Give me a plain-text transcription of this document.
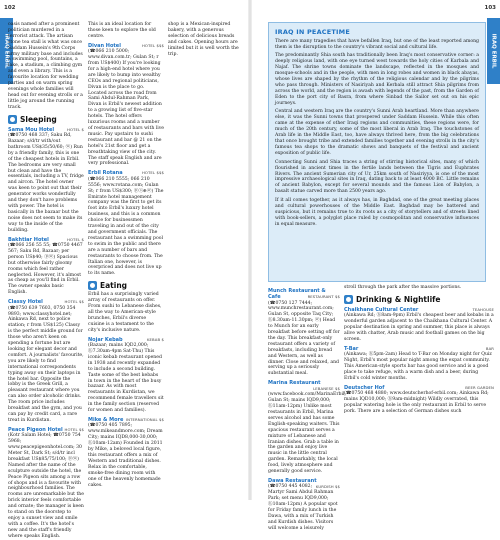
102
IRAQ ERBIL
oasis named after a prominent politician murdered in a terrorist attack. The artisan stone tea stall is what was once Saddam Hussein's 9th Corps army military base and includes a swimming pool, fountains, a lake, a stadium, a climbing gym and even a library. This is a favourite location for wedding parties and on warm spring evenings whole families will head out for evening strolls or a little jog around the running track.
Sleeping
Sama Mou Hotel	HOTEL $
(☎0750 468 337; Saku Rd, Bazaar; s/d/tr with/out bathroom US$35/50/60; ⓦ) Run by a friendly family, this is one of the cheapest hotels in Erbil. The bedrooms are very small but clean and have the essentials, including a TV, fridge and aircon. The hotel owner was keen to point out that their generator works wonderfully and they don't have problems with power. The hotel is basically in the bazaar but the noise does not seem to make its way to the inside of the building.
Bakhtiar Hotel	HOTEL $
(☎066 256 55 55; ☎0750 4467 567; Saku Rd, Bazaar; per person US$40; ⓟⓦ) Spacious but otherwise fairly gloomy rooms which feel rather neglected. However, it's almost as cheap as you'll find in Erbil. The owner speaks basic English.
Classy Hotel	HOTEL $$
(☎0750 639 7603, 0750 354 9893; www.classyhotel.net; Ainkawa Rd, next to police station; r from US$125) Classy is the perfect middle ground for those who aren't keen on spending a fortune but are looking for elegant decor and comfort. A journalists' favourite, you are likely to find international correspondents typing away on their laptops in the hotel bar. Opposite the lobby is the Greek Grill, a pleasant restaurant where you can also order alcoholic drinks. The room price includes breakfast and the gym, and you can pay by credit card, a rare treat in Kurdistan.
Peace Pigeon Hotel HOTEL $$
(Kotr Salam Hotel; ☎0750 754 5968; www.peacepigeonhotel.com; 30 Meter St, Dark St; s/d/tr incl breakfast US$85/75/100; ⓟⓦ) Named after the name of the sculpture outside the hotel, the Peace Pigeon sits among a row of shops and is a favourite with neighbourhood families. The rooms are unremarkable but the brick interior feels comfortable and ornate; the manager is keen to stand on the doorstep to enjoy a sunset view and smile with a coffee. It's the hotel's new and the staff's friendly where speaks English.
This is an ideal location for those keen to explore the old centre.
Divan Hotel	HOTEL $$$
(☎066 210 5000; www.divan.com.tr; Gulan St; r from US$400) If you're looking for a high-end hotel where you are likely to bump into wealthy CEOs and regional politicians, Divan is the place to go. Located across the road from Sami Abdul-Rahman Park, Divan is Erbil's newest addition to a growing list of five-star hotels. The hotel offers luxurious rooms and a number of restaurants and bars with live music. Pay upstairs to sushi restaurant and bar @ 21 on the hotel's 21st floor and get a breathtaking view of the city. The staff speak English and are very professional.
Erbil Rotana	HOTEL $$$
(☎066 210 5555; 066 210 5556; www.rotana.com; Gulan St; r from US$300; ⓟⓢ⊕ⓦ) The Emirate hotel management company was the first to get its foot into Erbil's luxury hotel business, and this is a common choice for businessmen traveling in and out of the city and government officials. The restaurant has a swimming pool to swim in the public and there are a number of bars and restaurants to choose from. The Italian one, however, is overpriced and does not live up to its name.
Eating
Erbil has a surprisingly varied array of restaurants on offer. From sushi to Lebanese dishes, all the way to American-style brunches, Erbil's diverse cuisine is a testament to the city's inclusive nature.
Nojar Kebab	KEBAB $
(Bazaar; mains IQD2,000; ⓗ7.30am-4pm Sat-Thu) This iconic kebab restaurant opened in 1938 and recently expanded to include a second building. Taste some of the best kebabs in town in the heart of the busy bazaar. As with most restaurants in Kurdistan, we recommend female travellers sit in the family section (reserved for women and families).
Mike & More INTERNATIONAL $$
(☎0750 405 7895; www.mikeandmore.com; Dream City; mains IQD8,000-30,000; ⓗ10am-12am) Founded in 2011 by Mike, a beloved local figure, this restaurant offers a mix of Western and traditional dishes. Relax in the comfortable, smoke-free dining room with one of the heavenly homemade cakes.
shop is a Mexican-inspired bakery, with a generous selection of delicious breads and cakes. Opening hours are limited but it is well worth the trip.
103
IRAQ ERBIL
IRAQ IN PEACETIME
There are many tragedies that have befallen Iraq, but one of the least reported among them is the disruption to the country's vibrant social and cultural life.
The predominantly Shia south has traditionally been Iraq's most conservative corner: a deeply religious land, with one eye turned west towards the holy cities of Karbala and Najaf. The shrine towns dominate the landscape, reflected in the mosques and mosque-schools and in the people, with men in long robes and women in black abayas, whose lives are shaped by the rhythm of the religious calendar and by the pilgrims who pass through. Ministers of Nasiriyah and Kerbala still attract Shia pilgrims from across the world, and the region is awash with legends of the past, from the Garden of Eden to the port city of Basra, from where Sinbad the Sailor set out on his epic journeys.
Central and western Iraq are the country's Sunni Arab heartland. More than anywhere else, it was the Sunni towns that prospered under Saddam Hussein. While this often came at the expense of other Iraqi regions and communities, these regions were, for much of the 20th century, some of the most liberal in Arab Iraq. The touchstones of Arab life in the Middle East, too, have always thrived here, from the big celebrations that once brought tribe and extended families together and evening strolls in the city's famous tea shops to the dramatic shows and banquets of the festival and ancient exposition of public life.
Connecting Sunni and Shia traces a string of stirring historical sites, many of which flourished in ancient times in the fertile lands between the Tigris and Euphrates Rivers. The ancient Sumerian city of Ur, 25km south of Nasiriyya, is one of the most impressive archaeological sites in Iraq, dating back to at least 4000 BC. Little remains of ancient Babylon, except for several mounds and the famous Lion of Babylon, a basalt statue carved more than 2500 years ago.
If it all comes together, as it always has, in Baghdad, one of the great meeting places and cultural powerhouses of the Middle East. Baghdad may be battered and suspicious, but it remains true to its roots as a city of storytellers and of streets lined with book-sellers, a polyglot place ruled by cosmopolitan and conservative influences in equal measure.
Munch Restaurant & Cafe	RESTAURANT $$
(☎0750 127 7444; www.munchrestaurant.com; Gulan St, opposite Taq City; ⓗ8.30am-11.30pm; ⓦ) Head to Munch for an early breakfast before setting off for the day. This breakfast-only restaurant offers a variety of breakfasts, including bread and Western, as well as dinner. Close and relaxed, and serving up a seriously substantial meal.
Marina Restaurant
LEBANESE $$
(www.facebook.com/MarinaErbil; Gulan St; mains IQD9,000; ⓗ11am-12pm) Unlike most restaurants in Erbil, Marina serves alcohol and has some English-speaking waiters. This spacious restaurant serves a mixture of Lebanese and Iranian dishes. Grab a table in the garden and enjoy live music in the little central garden. Remarkably, the local food, lively atmosphere and generally good service.
Dawa Restaurant
KURDISH $$
(☎0750 445 4082; Martyr Sami Abdul Rahman Park; set menu IQD9,000; ⓗ10am-12pm) A popular spot for Friday family lunch in the Dawa, with a mix of Turkish and Kurdish dishes. Visitors will welcome a leisurely
stroll through the park after the massive portions.
Drinking & Nightlife
Chaikhane Cultural Center	TEAHOUSE
(Ainkawa Rd; ⓗ8am-9pm) Erbil's cheapest beer and kebabs in a wonderful garden adjacent to the Chaikhana Cultural Center. A popular destination in spring and summer, this place is always alive with chatter, Arab music and football games on the big screen.
T-Bar	BAR
(Ainkawa; ⓗ5pm-2am) Head to T-Bar on Monday night for Quiz Night, Erbil's most popular night among the expat community. This American-style sports bar has good service and is a good place to take refuge, with a warm dish and a beer, during Erbil's cold winter months.
Deutscher Hof	BEER GARDEN
(☎0750 468 4880; www.deutscherhof-erbil.com; Ainkawa Rd; mains IQD10,000; ⓗ9am-midnight) Wildly overrated, this popular watering hole is the only restaurant in Erbil to serve pork. There are a selection of German dishes such
